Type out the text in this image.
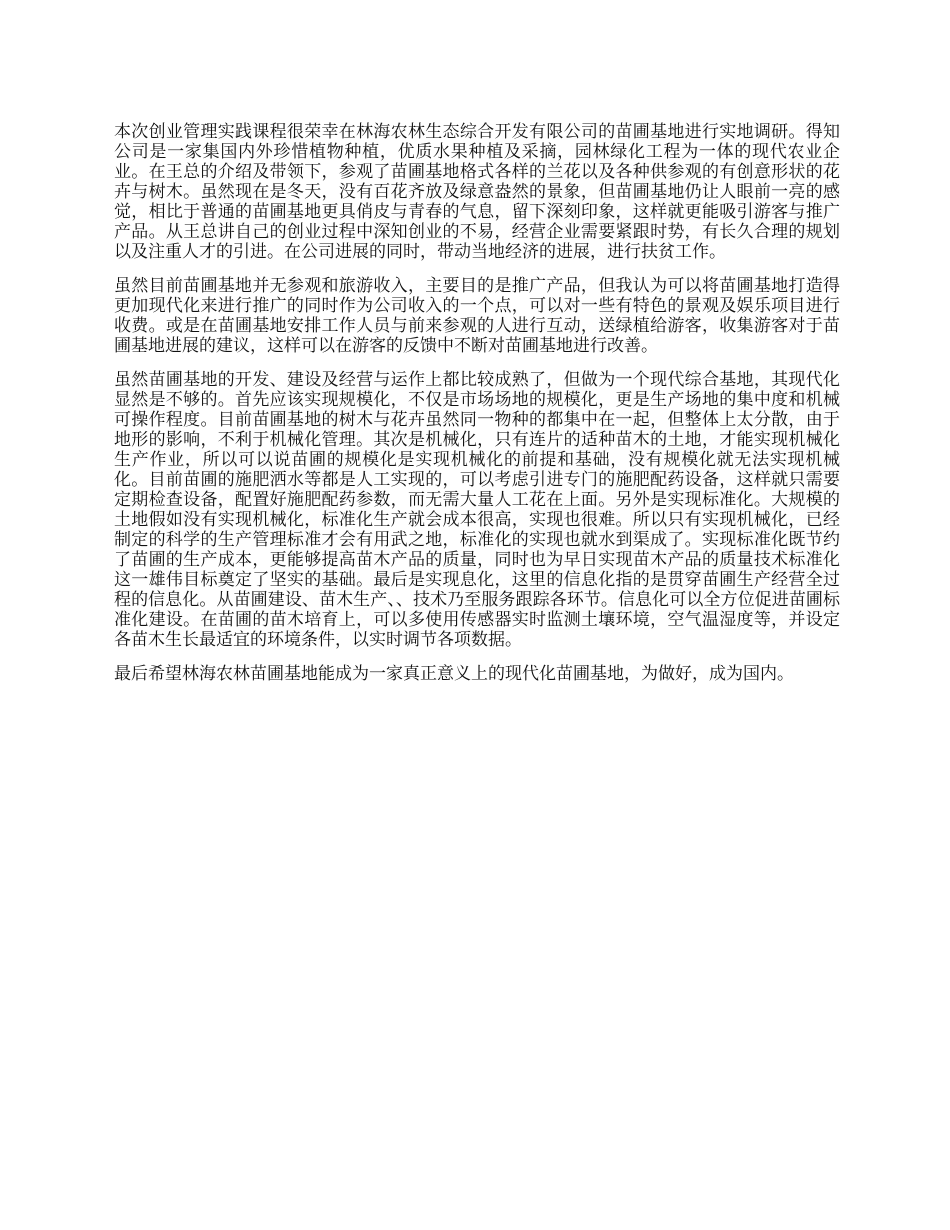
本次创业管理实践课程很荣幸在林海农林生态综合开发有限公司的苗圃基地进行实地调研。得知公司是一家集国内外珍惜植物种植，优质水果种植及采摘，园林绿化工程为一体的现代农业企业。在王总的介绍及带领下，参观了苗圃基地格式各样的兰花以及各种供参观的有创意形状的花卉与树木。虽然现在是冬天，没有百花齐放及绿意盎然的景象，但苗圃基地仍让人眼前一亮的感觉，相比于普通的苗圃基地更具俏皮与青春的气息，留下深刻印象，这样就更能吸引游客与推广产品。从王总讲自己的创业过程中深知创业的不易，经营企业需要紧跟时势，有长久合理的规划以及注重人才的引进。在公司进展的同时，带动当地经济的进展，进行扶贫工作。

虽然目前苗圃基地并无参观和旅游收入，主要目的是推广产品，但我认为可以将苗圃基地打造得更加现代化来进行推广的同时作为公司收入的一个点，可以对一些有特色的景观及娱乐项目进行收费。或是在苗圃基地安排工作人员与前来参观的人进行互动，送绿植给游客，收集游客对于苗圃基地进展的建议，这样可以在游客的反馈中不断对苗圃基地进行改善。

虽然苗圃基地的开发、建设及经营与运作上都比较成熟了，但做为一个现代综合基地，其现代化显然是不够的。首先应该实现规模化，不仅是市场场地的规模化，更是生产场地的集中度和机械可操作程度。目前苗圃基地的树木与花卉虽然同一物种的都集中在一起，但整体上太分散，由于地形的影响，不利于机械化管理。其次是机械化，只有连片的适种苗木的土地，才能实现机械化生产作业，所以可以说苗圃的规模化是实现机械化的前提和基础，没有规模化就无法实现机械化。目前苗圃的施肥洒水等都是人工实现的，可以考虑引进专门的施肥配药设备，这样就只需要定期检查设备，配置好施肥配药参数，而无需大量人工花在上面。另外是实现标准化。大规模的土地假如没有实现机械化，标准化生产就会成本很高，实现也很难。所以只有实现机械化，已经制定的科学的生产管理标准才会有用武之地，标准化的实现也就水到渠成了。实现标准化既节约了苗圃的生产成本，更能够提高苗木产品的质量，同时也为早日实现苗木产品的质量技术标准化这一雄伟目标奠定了坚实的基础。最后是实现息化，这里的信息化指的是贯穿苗圃生产经营全过程的信息化。从苗圃建设、苗木生产、、技术乃至服务跟踪各环节。信息化可以全方位促进苗圃标准化建设。在苗圃的苗木培育上，可以多使用传感器实时监测土壤环境，空气温湿度等，并设定各苗木生长最适宜的环境条件，以实时调节各项数据。

最后希望林海农林苗圃基地能成为一家真正意义上的现代化苗圃基地，为做好，成为国内。
